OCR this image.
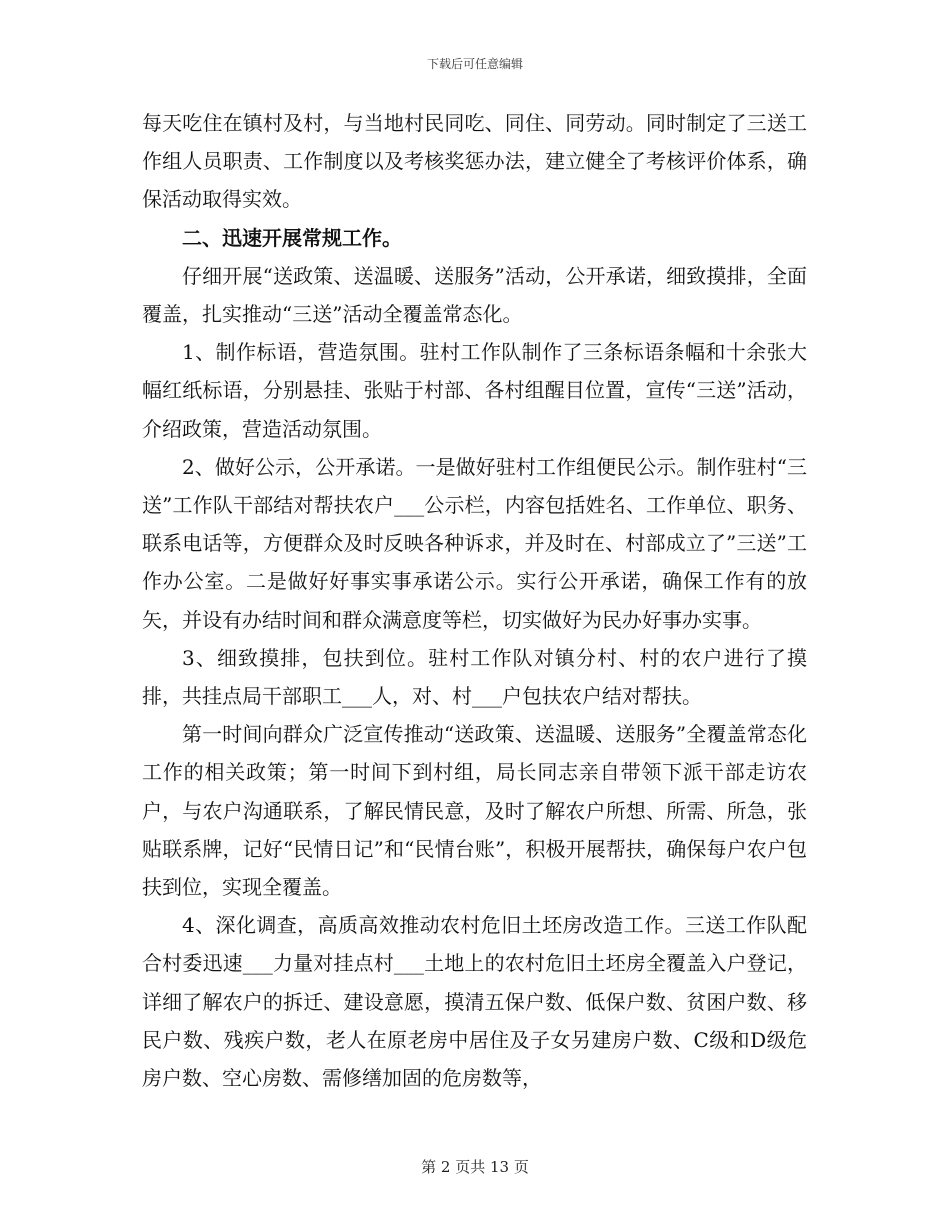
下载后可任意编辑

每天吃住在镇村及村，与当地村民同吃、同住、同劳动。同时制定了三送工作组人员职责、工作制度以及考核奖惩办法，建立健全了考核评价体系，确保活动取得实效。

二、迅速开展常规工作。

仔细开展“送政策、送温暖、送服务”活动，公开承诺，细致摸排，全面覆盖，扎实推动“三送”活动全覆盖常态化。

1、制作标语，营造氛围。驻村工作队制作了三条标语条幅和十余张大幅红纸标语，分别悬挂、张贴于村部、各村组醒目位置，宣传“三送”活动，介绍政策，营造活动氛围。

2、做好公示，公开承诺。一是做好驻村工作组便民公示。制作驻村“三送”工作队干部结对帮扶农户___公示栏，内容包括姓名、工作单位、职务、联系电话等，方便群众及时反映各种诉求，并及时在、村部成立了”三送”工作办公室。二是做好好事实事承诺公示。实行公开承诺，确保工作有的放矢，并设有办结时间和群众满意度等栏，切实做好为民办好事办实事。

3、细致摸排，包扶到位。驻村工作队对镇分村、村的农户进行了摸排，共挂点局干部职工___人，对、村___户包扶农户结对帮扶。

第一时间向群众广泛宣传推动“送政策、送温暖、送服务”全覆盖常态化工作的相关政策；第一时间下到村组，局长同志亲自带领下派干部走访农户，与农户沟通联系，了解民情民意，及时了解农户所想、所需、所急，张贴联系牌，记好“民情日记”和“民情台账”，积极开展帮扶，确保每户农户包扶到位，实现全覆盖。

4、深化调查，高质高效推动农村危旧土坯房改造工作。三送工作队配合村委迅速___力量对挂点村___土地上的农村危旧土坯房全覆盖入户登记，详细了解农户的拆迁、建设意愿，摸清五保户数、低保户数、贫困户数、移民户数、残疾户数，老人在原老房中居住及子女另建房户数、C级和D级危房户数、空心房数、需修缮加固的危房数等，

第 2 页共 13 页
